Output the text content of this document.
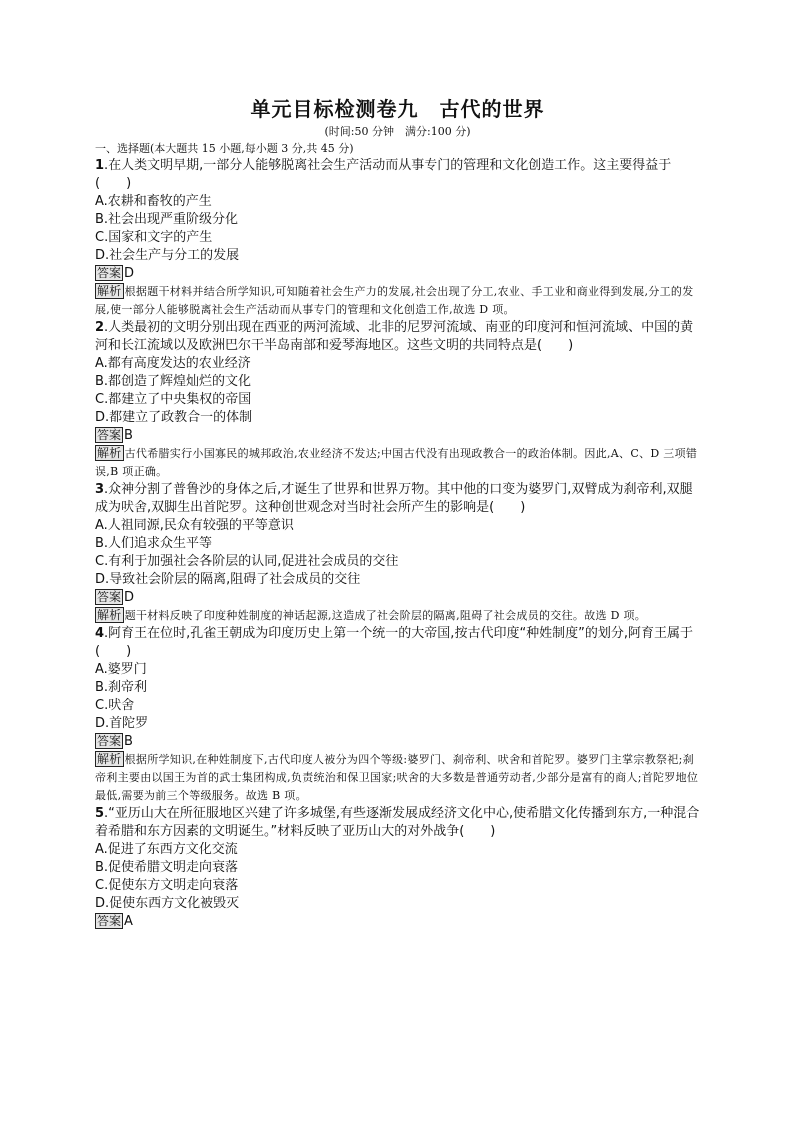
单元目标检测卷九　古代的世界
(时间:50 分钟　满分:100 分)
一、选择题(本大题共 15 小题,每小题 3 分,共 45 分)

1.在人类文明早期,一部分人能够脱离社会生产活动而从事专门的管理和文化创造工作。这主要得益于(　　)

A.农耕和畜牧的产生

B.社会出现严重阶级分化

C.国家和文字的产生

D.社会生产与分工的发展

答案 D

解析 根据题干材料并结合所学知识,可知随着社会生产力的发展,社会出现了分工,农业、手工业和商业得到发展,分工的发展,使一部分人能够脱离社会生产活动而从事专门的管理和文化创造工作,故选 D 项。

2.人类最初的文明分别出现在西亚的两河流域、北非的尼罗河流域、南亚的印度河和恒河流域、中国的黄河和长江流域以及欧洲巴尔干半岛南部和爱琴海地区。这些文明的共同特点是(　　)

A.都有高度发达的农业经济

B.都创造了辉煌灿烂的文化

C.都建立了中央集权的帝国

D.都建立了政教合一的体制

答案 B

解析 古代希腊实行小国寡民的城邦政治,农业经济不发达;中国古代没有出现政教合一的政治体制。因此,A、C、D 三项错误,B 项正确。

3.众神分割了普鲁沙的身体之后,才诞生了世界和世界万物。其中他的口变为婆罗门,双臂成为刹帝利,双腿成为吠舍,双脚生出首陀罗。这种创世观念对当时社会所产生的影响是(　　)

A.人祖同源,民众有较强的平等意识

B.人们追求众生平等

C.有利于加强社会各阶层的认同,促进社会成员的交往

D.导致社会阶层的隔离,阻碍了社会成员的交往

答案 D

解析 题干材料反映了印度种姓制度的神话起源,这造成了社会阶层的隔离,阻碍了社会成员的交往。故选 D 项。

4.阿育王在位时,孔雀王朝成为印度历史上第一个统一的大帝国,按古代印度“种姓制度”的划分,阿育王属于(　　)

A.婆罗门

B.刹帝利

C.吠舍

D.首陀罗

答案 B

解析 根据所学知识,在种姓制度下,古代印度人被分为四个等级:婆罗门、刹帝利、吠舍和首陀罗。婆罗门主掌宗教祭祀;刹帝利主要由以国王为首的武士集团构成,负责统治和保卫国家;吠舍的大多数是普通劳动者,少部分是富有的商人;首陀罗地位最低,需要为前三个等级服务。故选 B 项。

5.“亚历山大在所征服地区兴建了许多城堡,有些逐渐发展成经济文化中心,使希腊文化传播到东方,一种混合着希腊和东方因素的文明诞生。”材料反映了亚历山大的对外战争(　　)

A.促进了东西方文化交流

B.促使希腊文明走向衰落

C.促使东方文明走向衰落

D.促使东西方文化被毁灭

答案 A
